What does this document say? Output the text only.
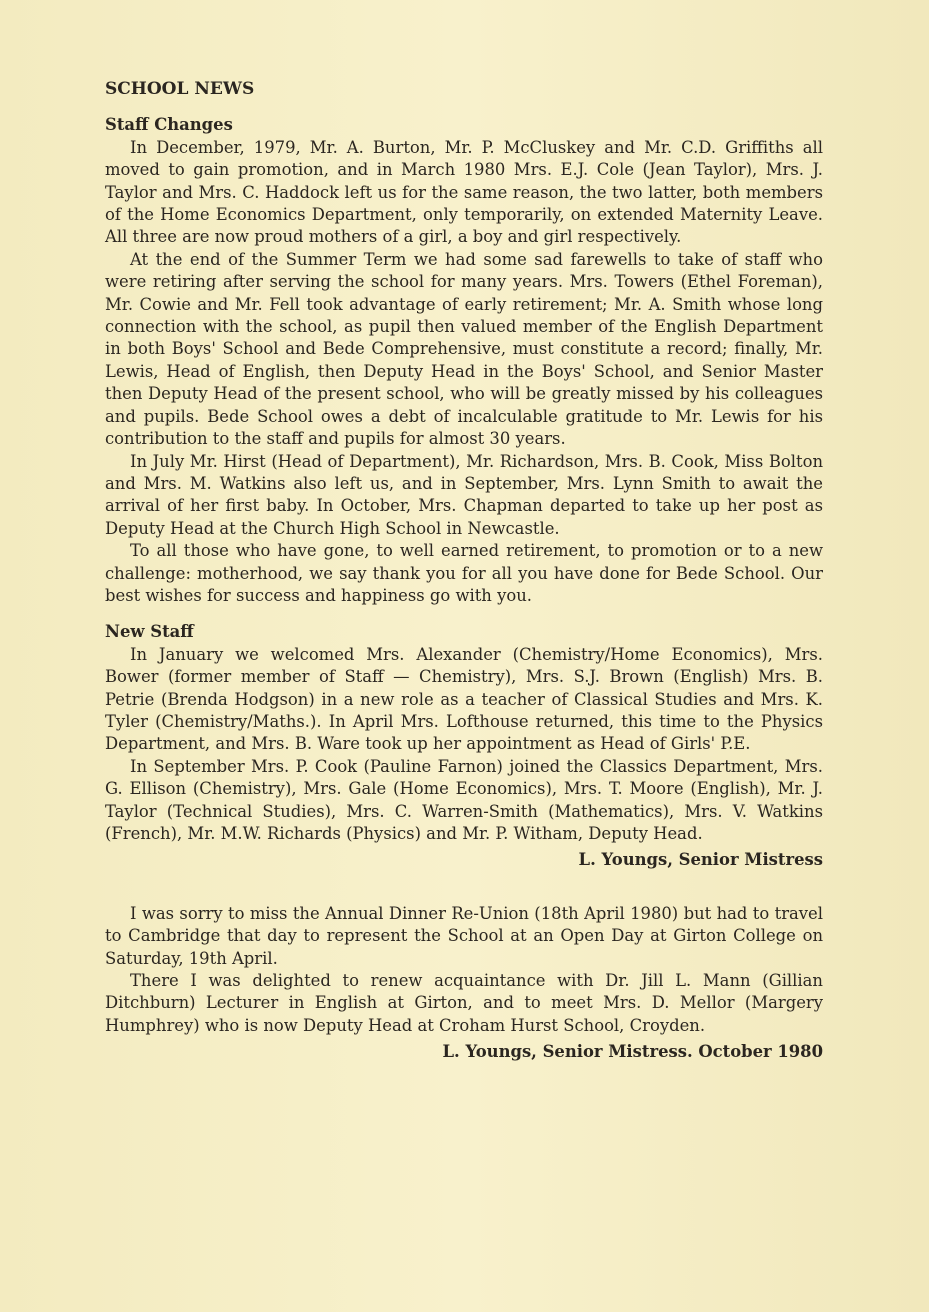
SCHOOL NEWS
Staff Changes

In December, 1979, Mr. A. Burton, Mr. P. McCluskey and Mr. C.D. Griffiths all moved to gain promotion, and in March 1980 Mrs. E.J. Cole (Jean Taylor), Mrs. J. Taylor and Mrs. C. Haddock left us for the same reason, the two latter, both members of the Home Economics Department, only temporarily, on extended Maternity Leave. All three are now proud mothers of a girl, a boy and girl respectively.

At the end of the Summer Term we had some sad farewells to take of staff who were retiring after serving the school for many years. Mrs. Towers (Ethel Foreman), Mr. Cowie and Mr. Fell took advantage of early retirement; Mr. A. Smith whose long connection with the school, as pupil then valued member of the English Department in both Boys' School and Bede Comprehensive, must constitute a record; finally, Mr. Lewis, Head of English, then Deputy Head in the Boys' School, and Senior Master then Deputy Head of the present school, who will be greatly missed by his colleagues and pupils. Bede School owes a debt of incalculable gratitude to Mr. Lewis for his contribution to the staff and pupils for almost 30 years.

In July Mr. Hirst (Head of Department), Mr. Richardson, Mrs. B. Cook, Miss Bolton and Mrs. M. Watkins also left us, and in September, Mrs. Lynn Smith to await the arrival of her first baby. In October, Mrs. Chapman departed to take up her post as Deputy Head at the Church High School in Newcastle.

To all those who have gone, to well earned retirement, to promotion or to a new challenge: motherhood, we say thank you for all you have done for Bede School. Our best wishes for success and happiness go with you.

New Staff

In January we welcomed Mrs. Alexander (Chemistry/Home Economics), Mrs. Bower (former member of Staff — Chemistry), Mrs. S.J. Brown (English) Mrs. B. Petrie (Brenda Hodgson) in a new role as a teacher of Classical Studies and Mrs. K. Tyler (Chemistry/Maths.). In April Mrs. Lofthouse returned, this time to the Physics Department, and Mrs. B. Ware took up her appointment as Head of Girls' P.E.

In September Mrs. P. Cook (Pauline Farnon) joined the Classics Department, Mrs. G. Ellison (Chemistry), Mrs. Gale (Home Economics), Mrs. T. Moore (English), Mr. J. Taylor (Technical Studies), Mrs. C. Warren-Smith (Mathematics), Mrs. V. Watkins (French), Mr. M.W. Richards (Physics) and Mr. P. Witham, Deputy Head.

L. Youngs, Senior Mistress

I was sorry to miss the Annual Dinner Re-Union (18th April 1980) but had to travel to Cambridge that day to represent the School at an Open Day at Girton College on Saturday, 19th April.

There I was delighted to renew acquaintance with Dr. Jill L. Mann (Gillian Ditchburn) Lecturer in English at Girton, and to meet Mrs. D. Mellor (Margery Humphrey) who is now Deputy Head at Croham Hurst School, Croyden.

L. Youngs, Senior Mistress. October 1980
